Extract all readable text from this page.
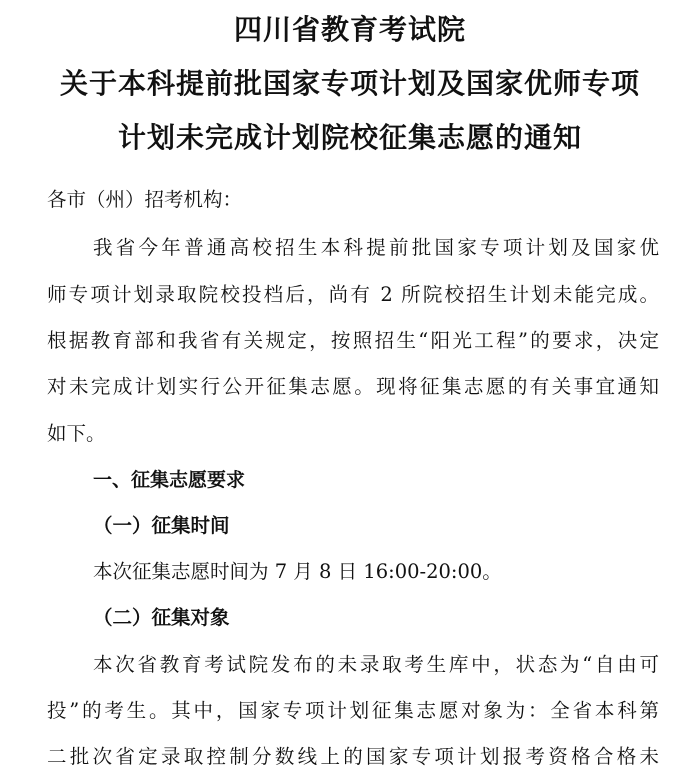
四川省教育考试院
关于本科提前批国家专项计划及国家优师专项
计划未完成计划院校征集志愿的通知
各市（州）招考机构：
我省今年普通高校招生本科提前批国家专项计划及国家优
师专项计划录取院校投档后，尚有 2 所院校招生计划未能完成。
根据教育部和我省有关规定，按照招生“阳光工程”的要求，决定
对未完成计划实行公开征集志愿。现将征集志愿的有关事宜通知
如下。
一、征集志愿要求
（一）征集时间
本次征集志愿时间为 7 月 8 日 16:00-20:00。
（二）征集对象
本次省教育考试院发布的未录取考生库中，状态为“自由可
投”的考生。其中，国家专项计划征集志愿对象为：全省本科第
二批次省定录取控制分数线上的国家专项计划报考资格合格未
